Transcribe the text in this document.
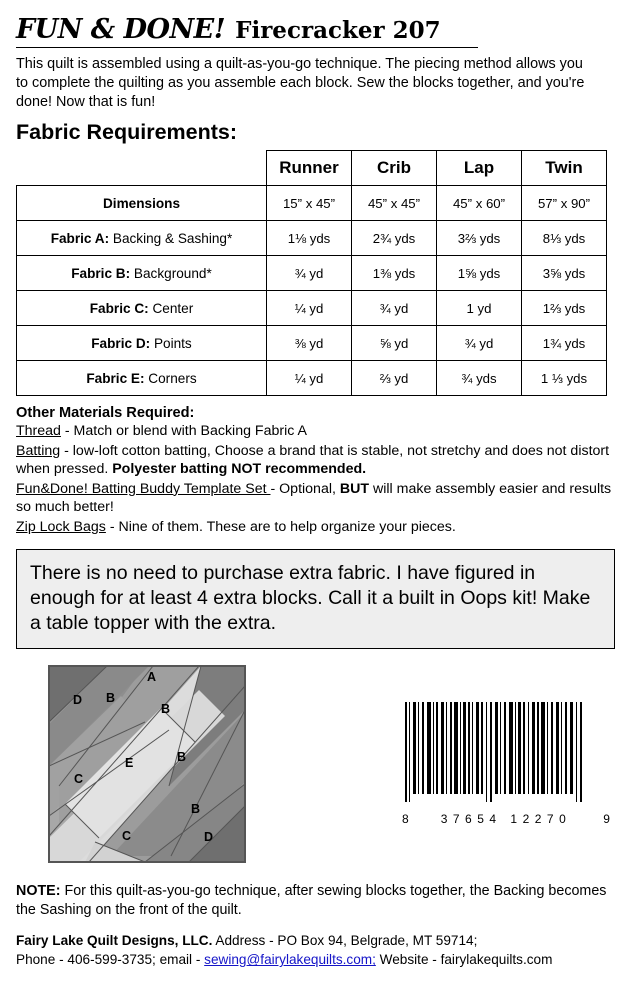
FUN & DONE! Firecracker 207
This quilt is assembled using a quilt-as-you-go technique. The piecing method allows you to complete the quilting as you assemble each block. Sew the blocks together, and you're done! Now that is fun!
Fabric Requirements:
	Runner	Crib	Lap	Twin
Dimensions	15” x 45”	45” x 45”	45” x 60”	57” x 90”
Fabric A: Backing & Sashing*	1⅛ yds	2¾ yds	3⅔ yds	8⅓ yds
Fabric B: Background*	¾ yd	1⅜ yds	1⅝ yds	3⅝ yds
Fabric C: Center	¼ yd	¾ yd	1 yd	1⅔ yds
Fabric D: Points	⅜ yd	⅝ yd	¾ yd	1¾ yds
Fabric E: Corners	¼ yd	⅔ yd	¾ yds	1 ⅓ yds
Other Materials Required:
Thread - Match or blend with Backing Fabric A
Batting - low-loft cotton batting, Choose a brand that is stable, not stretchy and does not distort when pressed. Polyester batting NOT recommended.
Fun&Done! Batting Buddy Template Set - Optional, BUT will make assembly easier and results so much better!
Zip Lock Bags - Nine of them. These are to help organize your pieces.
There is no need to purchase extra fabric. I have figured in enough for at least 4 extra blocks. Call it a built in Oops kit! Make a table topper with the extra.
A
D B
B
E	B
C
B
C	D
8	37654 12270	9
NOTE: For this quilt-as-you-go technique, after sewing blocks together, the Backing becomes the Sashing on the front of the quilt.
Fairy Lake Quilt Designs, LLC. Address - PO Box 94, Belgrade, MT 59714;
Phone - 406-599-3735; email - sewing@fairylakequilts.com; Website - fairylakequilts.com
